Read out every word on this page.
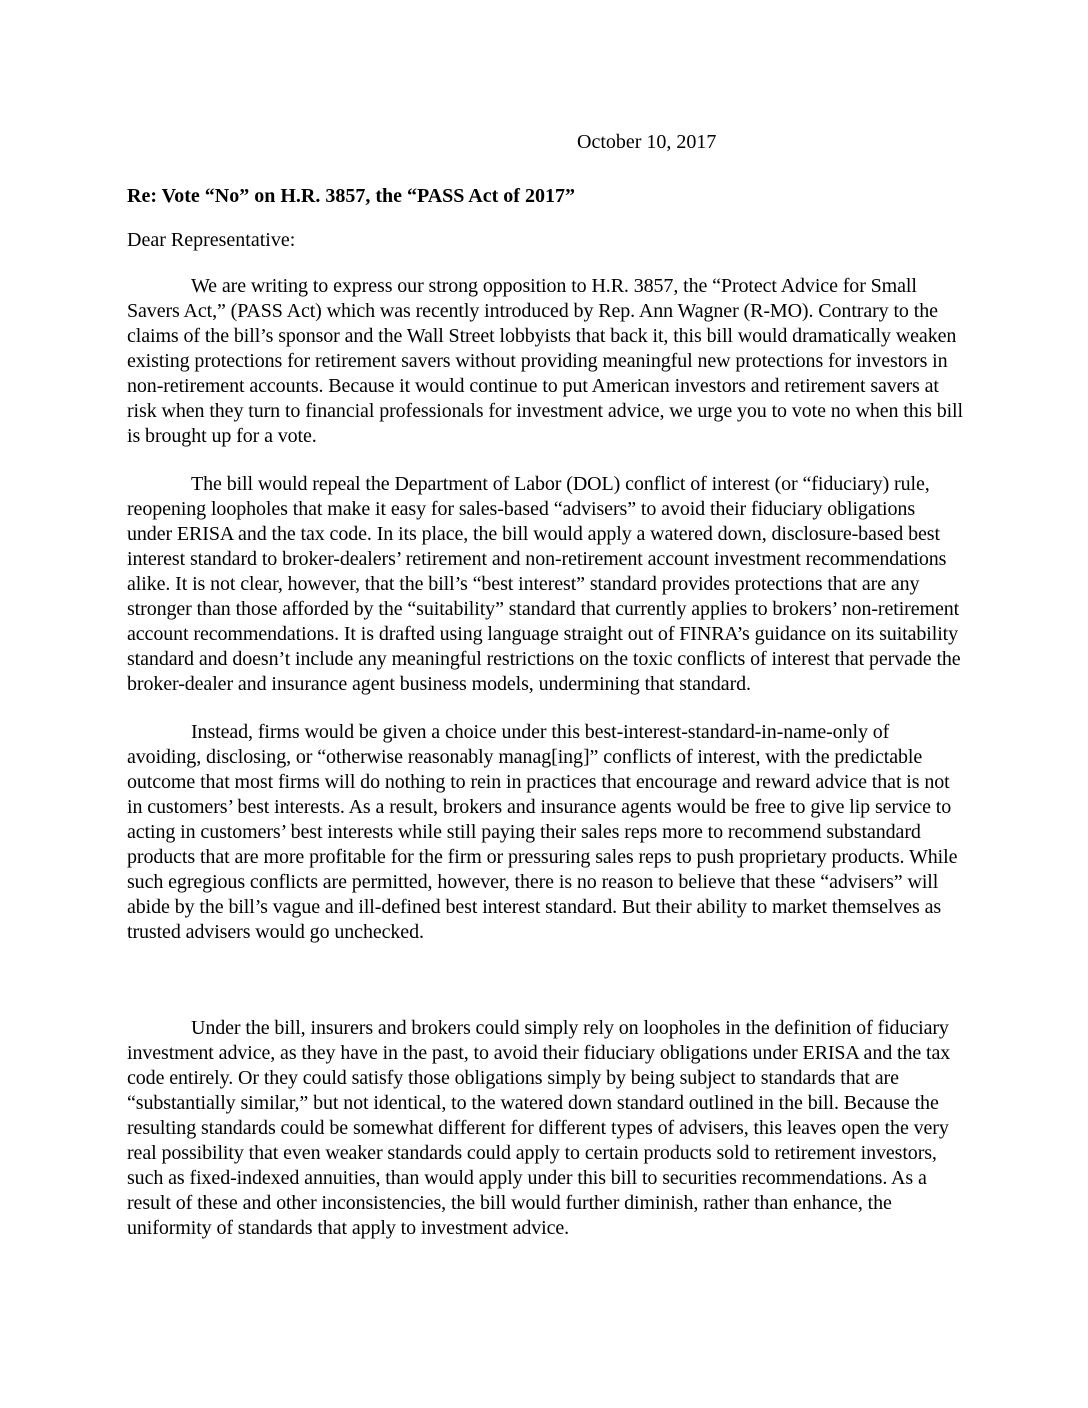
October 10, 2017
Re: Vote “No” on H.R. 3857, the “PASS Act of 2017”
Dear Representative:

We are writing to express our strong opposition to H.R. 3857, the “Protect Advice for Small Savers Act,” (PASS Act) which was recently introduced by Rep. Ann Wagner (R-MO). Contrary to the claims of the bill’s sponsor and the Wall Street lobbyists that back it, this bill would dramatically weaken existing protections for retirement savers without providing meaningful new protections for investors in non-retirement accounts. Because it would continue to put American investors and retirement savers at risk when they turn to financial professionals for investment advice, we urge you to vote no when this bill is brought up for a vote.

The bill would repeal the Department of Labor (DOL) conflict of interest (or “fiduciary) rule, reopening loopholes that make it easy for sales-based “advisers” to avoid their fiduciary obligations under ERISA and the tax code. In its place, the bill would apply a watered down, disclosure-based best interest standard to broker-dealers’ retirement and non-retirement account investment recommendations alike. It is not clear, however, that the bill’s “best interest” standard provides protections that are any stronger than those afforded by the “suitability” standard that currently applies to brokers’ non-retirement account recommendations. It is drafted using language straight out of FINRA’s guidance on its suitability standard and doesn’t include any meaningful restrictions on the toxic conflicts of interest that pervade the broker-dealer and insurance agent business models, undermining that standard.

Instead, firms would be given a choice under this best-interest-standard-in-name-only of avoiding, disclosing, or “otherwise reasonably manag[ing]” conflicts of interest, with the predictable outcome that most firms will do nothing to rein in practices that encourage and reward advice that is not in customers’ best interests. As a result, brokers and insurance agents would be free to give lip service to acting in customers’ best interests while still paying their sales reps more to recommend substandard products that are more profitable for the firm or pressuring sales reps to push proprietary products. While such egregious conflicts are permitted, however, there is no reason to believe that these “advisers” will abide by the bill’s vague and ill-defined best interest standard. But their ability to market themselves as trusted advisers would go unchecked.

Under the bill, insurers and brokers could simply rely on loopholes in the definition of fiduciary investment advice, as they have in the past, to avoid their fiduciary obligations under ERISA and the tax code entirely. Or they could satisfy those obligations simply by being subject to standards that are “substantially similar,” but not identical, to the watered down standard outlined in the bill. Because the resulting standards could be somewhat different for different types of advisers, this leaves open the very real possibility that even weaker standards could apply to certain products sold to retirement investors, such as fixed-indexed annuities, than would apply under this bill to securities recommendations. As a result of these and other inconsistencies, the bill would further diminish, rather than enhance, the uniformity of standards that apply to investment advice.
